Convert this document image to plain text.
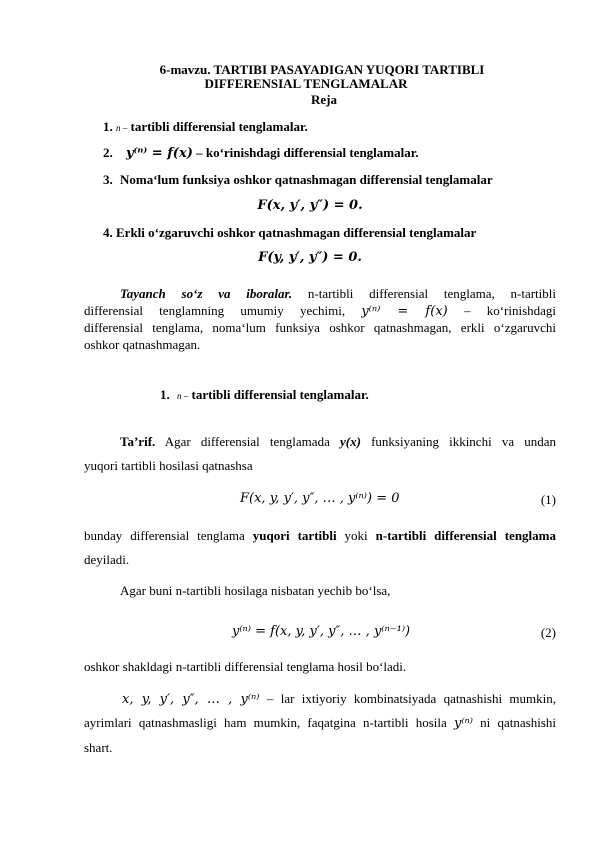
6-mavzu. TARTIBI PASAYADIGAN YUQORI TARTIBLI
DIFFERENSIAL TENGLAMALAR
Reja
1. n – tartibli differensial tenglamalar.
2. y⁽ⁿ⁾ = f(x) – ko‘rinishdagi differensial tenglamalar.
3. Noma‘lum funksiya oshkor qatnashmagan differensial tenglamalar
F(x, y′, y″) = 0.
4. Erkli o‘zgaruvchi oshkor qatnashmagan differensial tenglamalar
F(y, y′, y″) = 0.
Tayanch so‘z va iboralar. n-tartibli differensial tenglama, n-tartibli
differensial tenglamning umumiy yechimi, y⁽ⁿ⁾ = f(x) – ko‘rinishdagi
differensial tenglama, noma‘lum funksiya oshkor qatnashmagan, erkli o‘zgaruvchi
oshkor qatnashmagan.
1. n – tartibli differensial tenglamalar.
Ta’rif. Agar differensial tenglamada y(x) funksiyaning ikkinchi va undan
yuqori tartibli hosilasi qatnashsa
F(x, y, y′, y″, … , y⁽ⁿ⁾) = 0	(1)
bunday differensial tenglama yuqori tartibli yoki n-tartibli differensial tenglama
deyiladi.
Agar buni n-tartibli hosilaga nisbatan yechib bo‘lsa,
y⁽ⁿ⁾ = f(x, y, y′, y″, … , y⁽ⁿ⁻¹⁾)	(2)
oshkor shakldagi n-tartibli differensial tenglama hosil bo‘ladi.
x, y, y′, y″, … , y⁽ⁿ⁾ – lar ixtiyoriy kombinatsiyada qatnashishi mumkin,
ayrimlari qatnashmasligi ham mumkin, faqatgina n-tartibli hosila y⁽ⁿ⁾ ni qatnashishi
shart.
